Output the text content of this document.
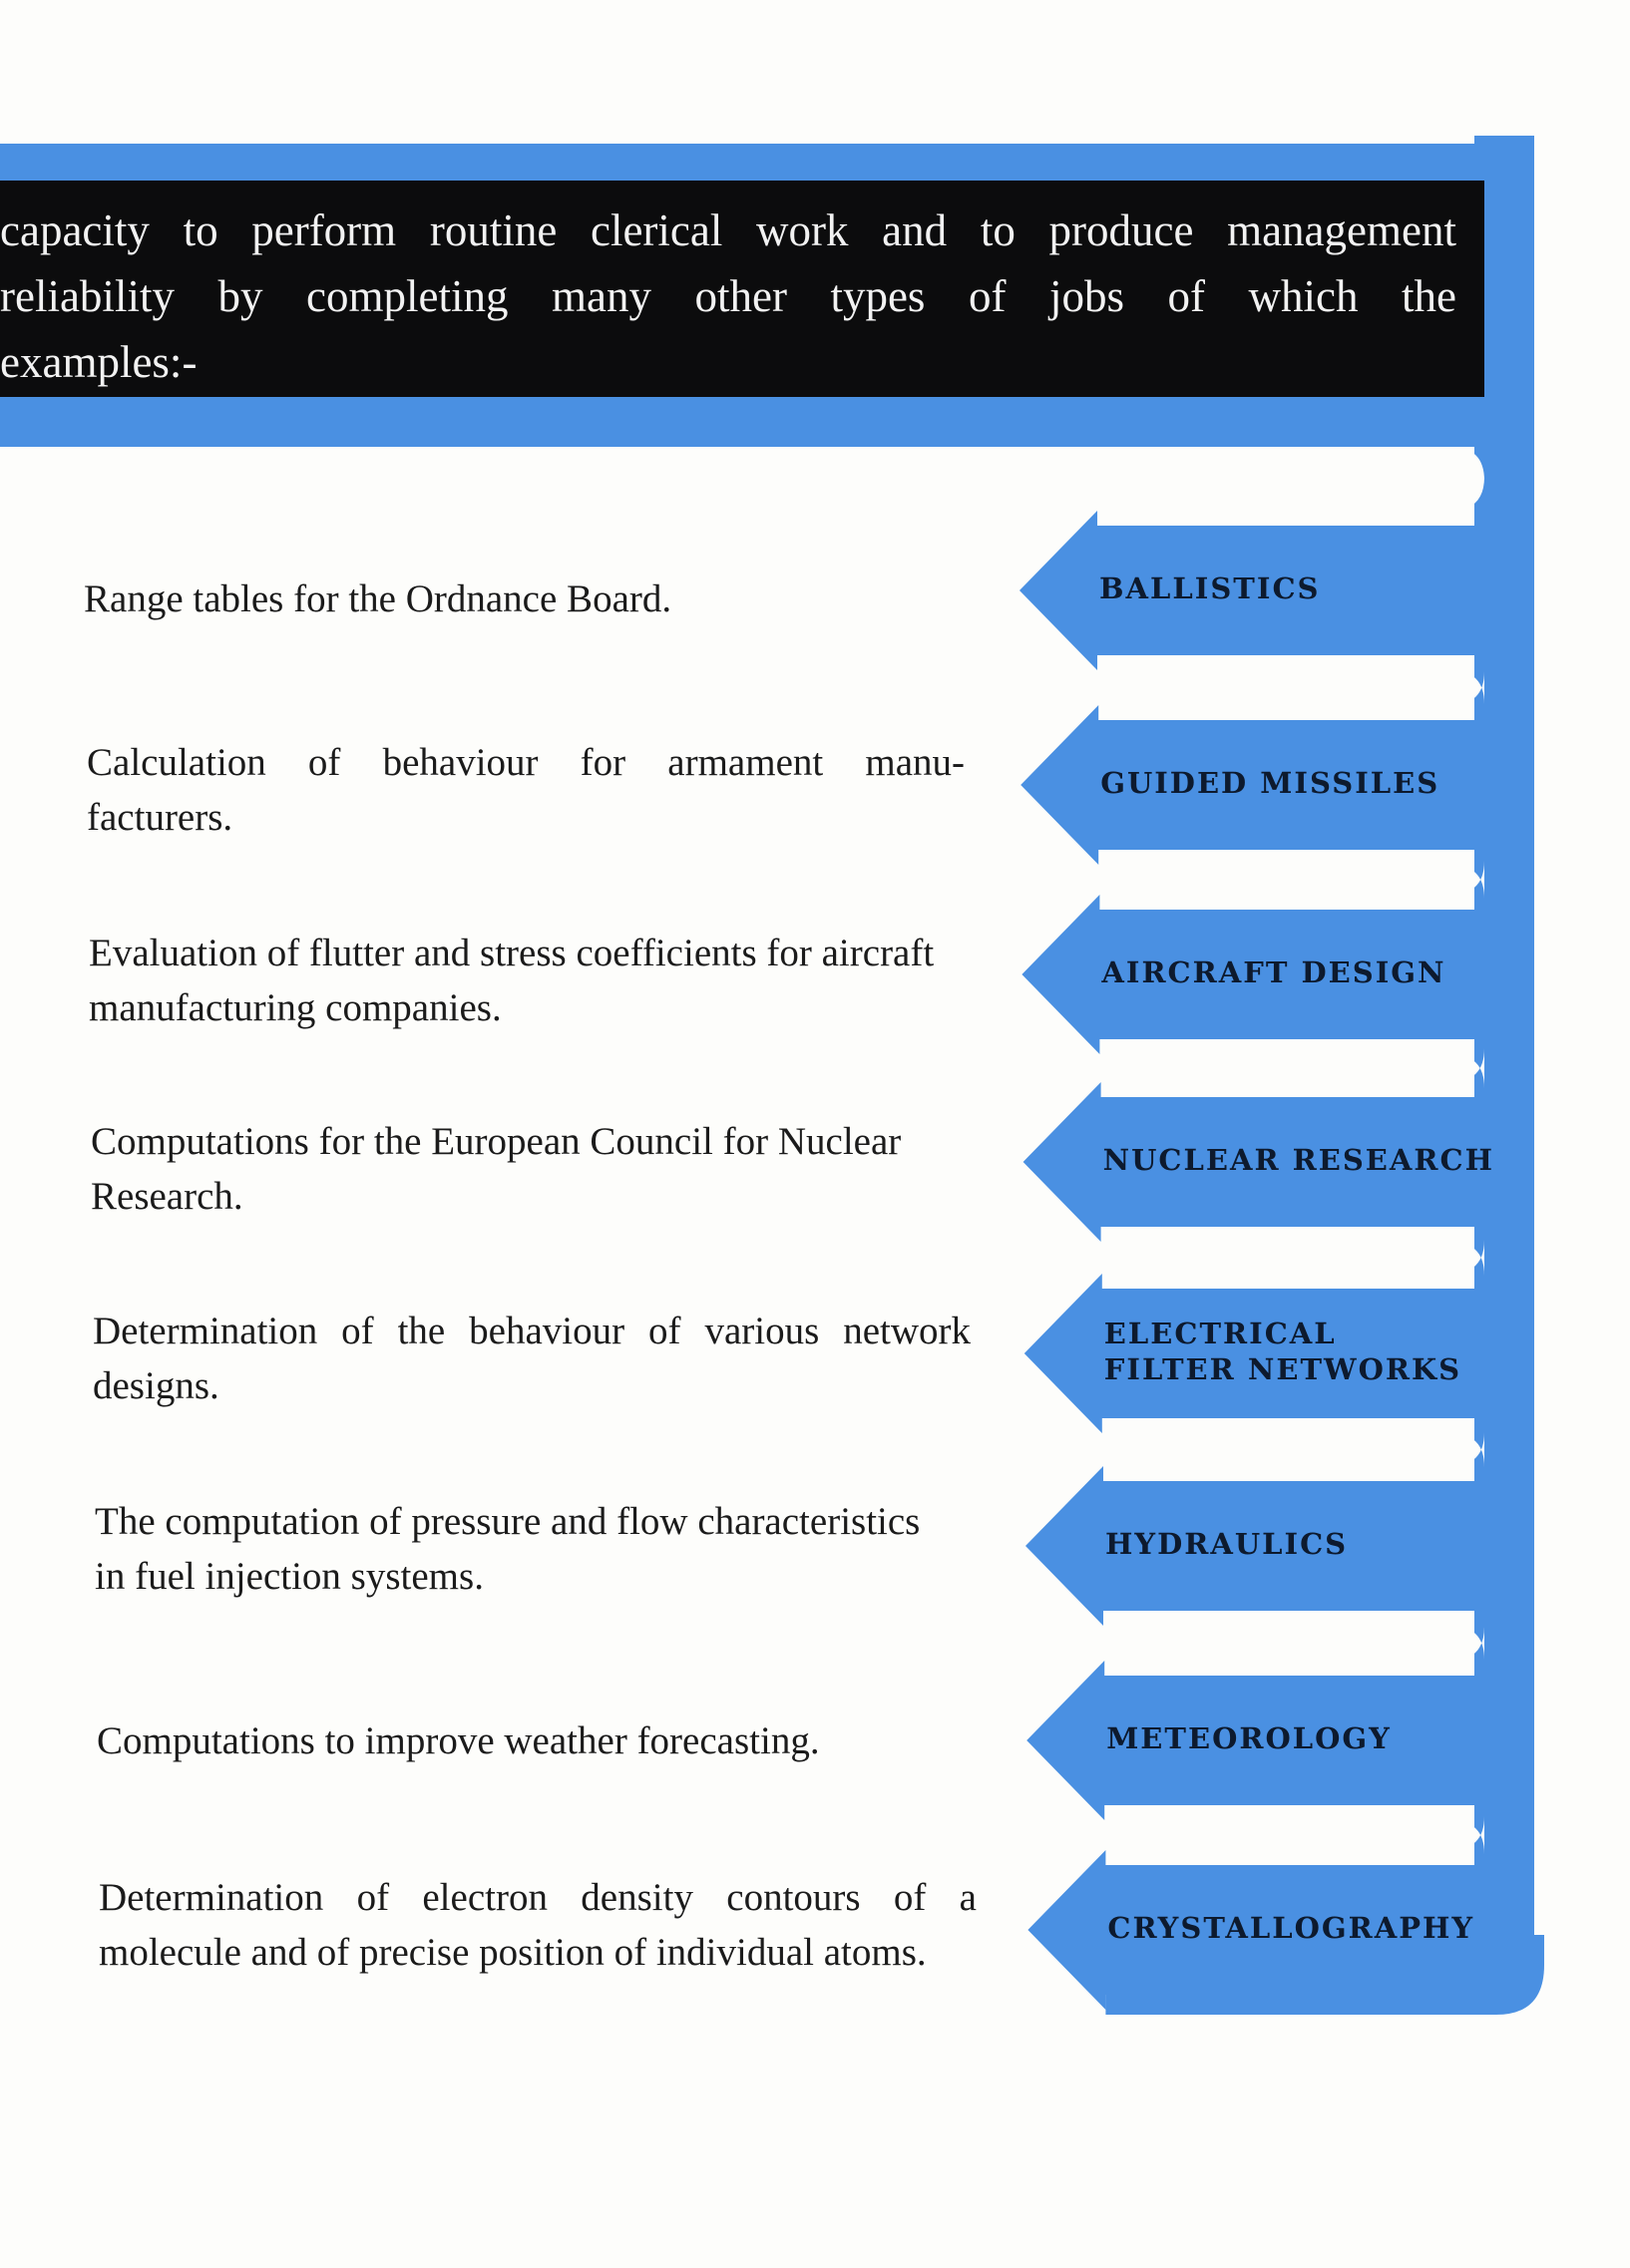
capacity to perform routine clerical work and to produce management
reliability by completing many other types of jobs of which the
examples:-
Range tables for the Ordnance Board.
Calculation of behaviour for armament manu-
facturers.
Evaluation of flutter and stress coefficients for aircraft
manufacturing companies.
Computations for the European Council for Nuclear
Research.
Determination of the behaviour of various network
designs.
The computation of pressure and flow characteristics
in fuel injection systems.
Computations to improve weather forecasting.
Determination of electron density contours of a
molecule and of precise position of individual atoms.
BALLISTICS
GUIDED MISSILES
AIRCRAFT DESIGN
NUCLEAR RESEARCH
ELECTRICAL
FILTER NETWORKS
HYDRAULICS
METEOROLOGY
CRYSTALLOGRAPHY
